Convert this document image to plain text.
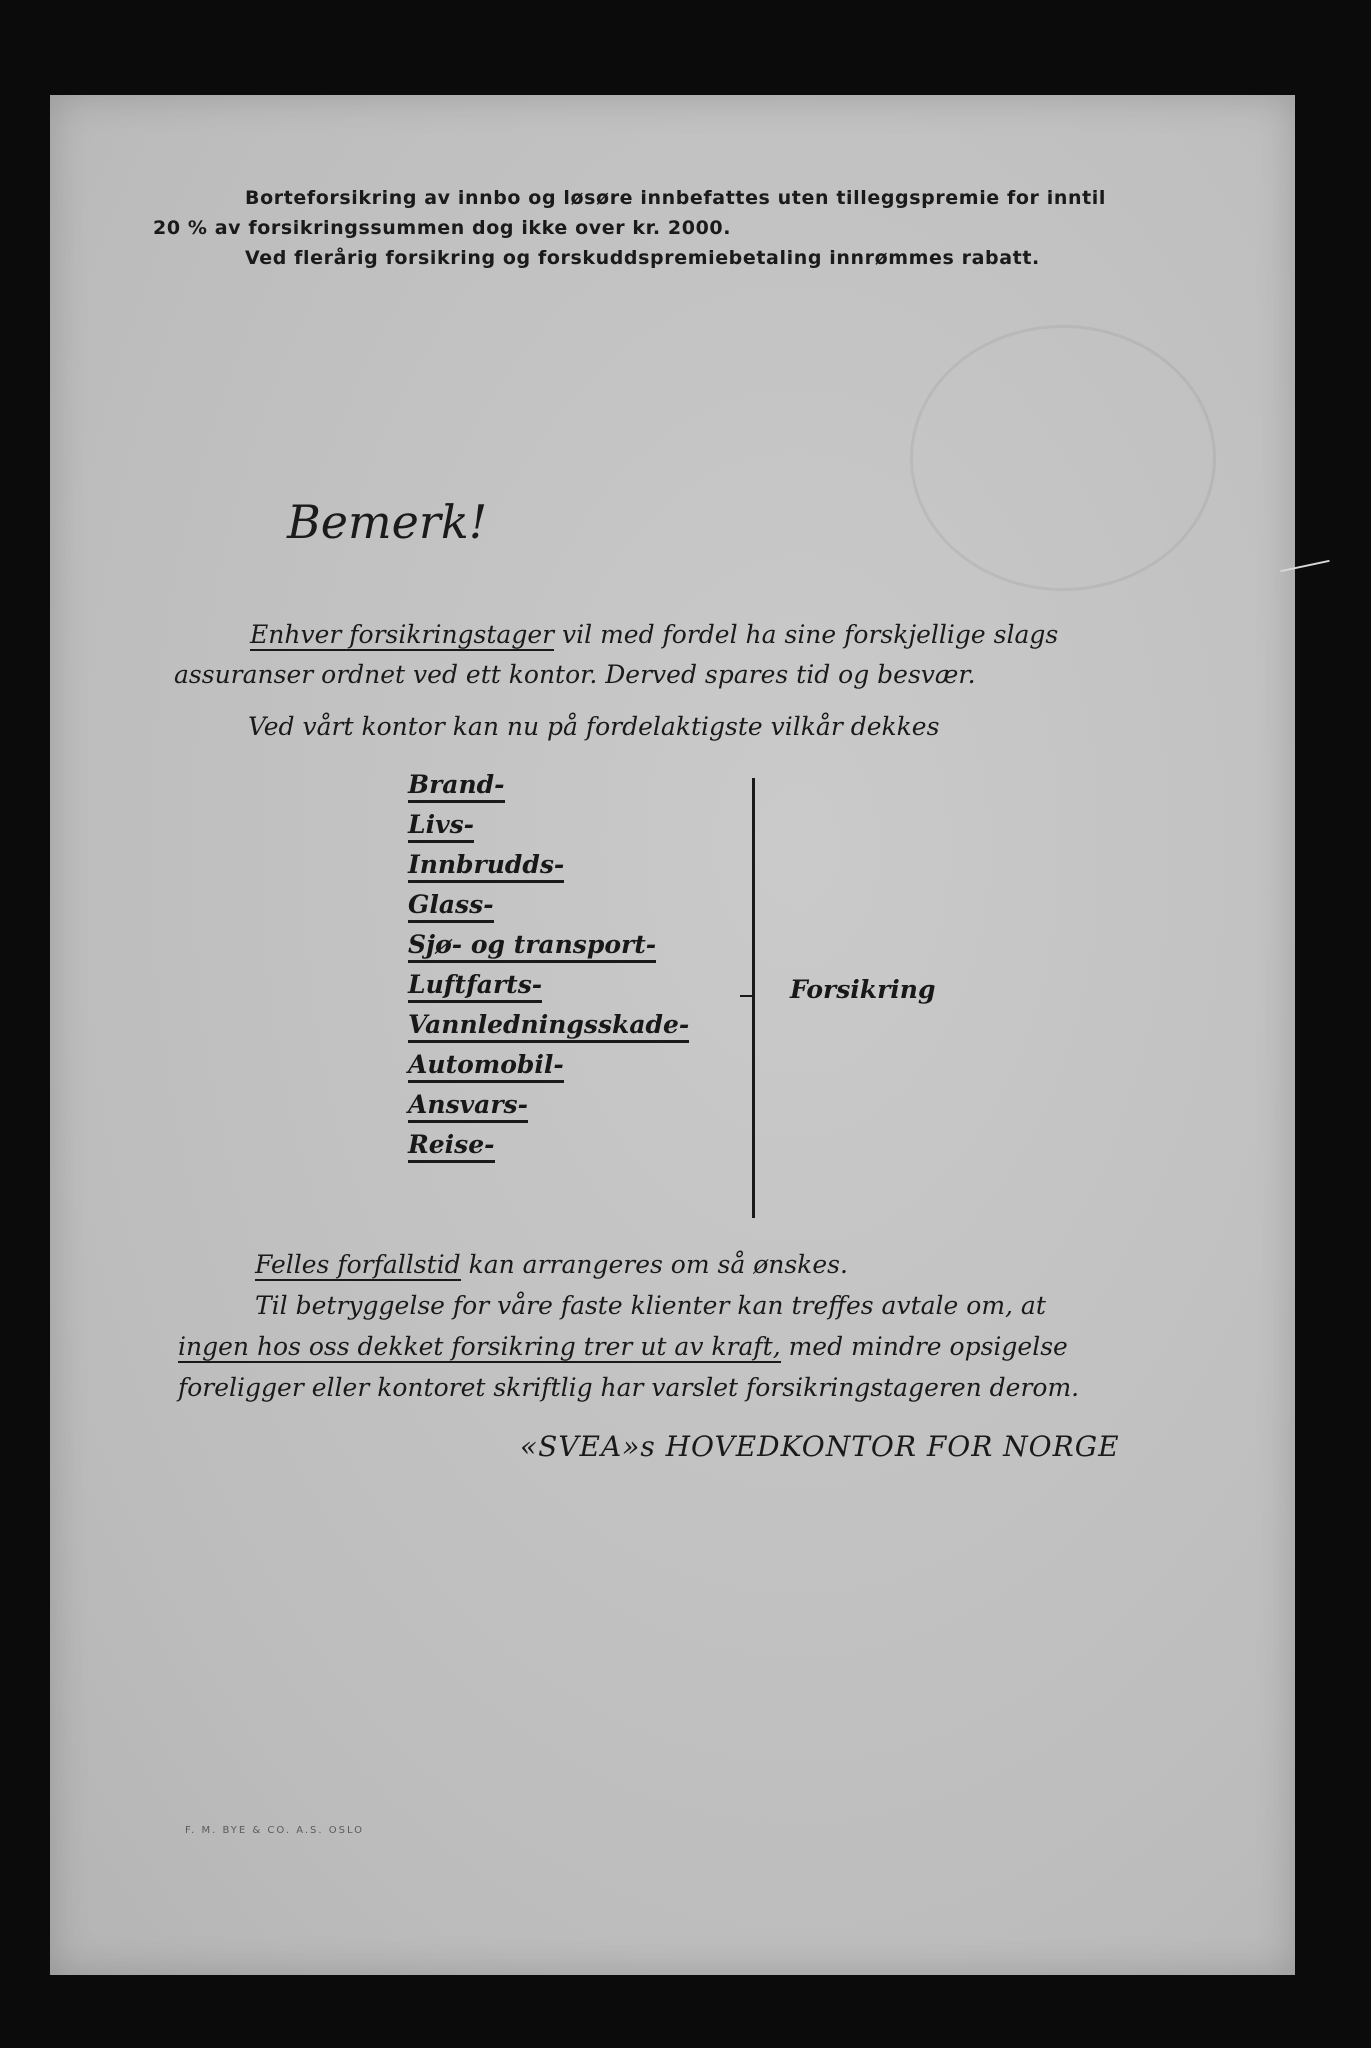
Borteforsikring av innbo og løsøre innbefattes uten tilleggspremie for inntil
20 % av forsikringssummen dog ikke over kr. 2000.
Ved flerårig forsikring og forskuddspremiebetaling innrømmes rabatt.
Bemerk!
Enhver forsikringstager vil med fordel ha sine forskjellige slags
assuranser ordnet ved ett kontor. Derved spares tid og besvær.
Ved vårt kontor kan nu på fordelaktigste vilkår dekkes
Brand-
Livs-
Innbrudds-
Glass-
Sjø- og transport-
Luftfarts-
Vannledningsskade-
Automobil-
Ansvars-
Reise-
Forsikring
Felles forfallstid kan arrangeres om så ønskes.
Til betryggelse for våre faste klienter kan treffes avtale om, at
ingen hos oss dekket forsikring trer ut av kraft, med mindre opsigelse
foreligger eller kontoret skriftlig har varslet forsikringstageren derom.
«SVEA»s HOVEDKONTOR FOR NORGE
F. M. BYE & CO. A.S. OSLO
